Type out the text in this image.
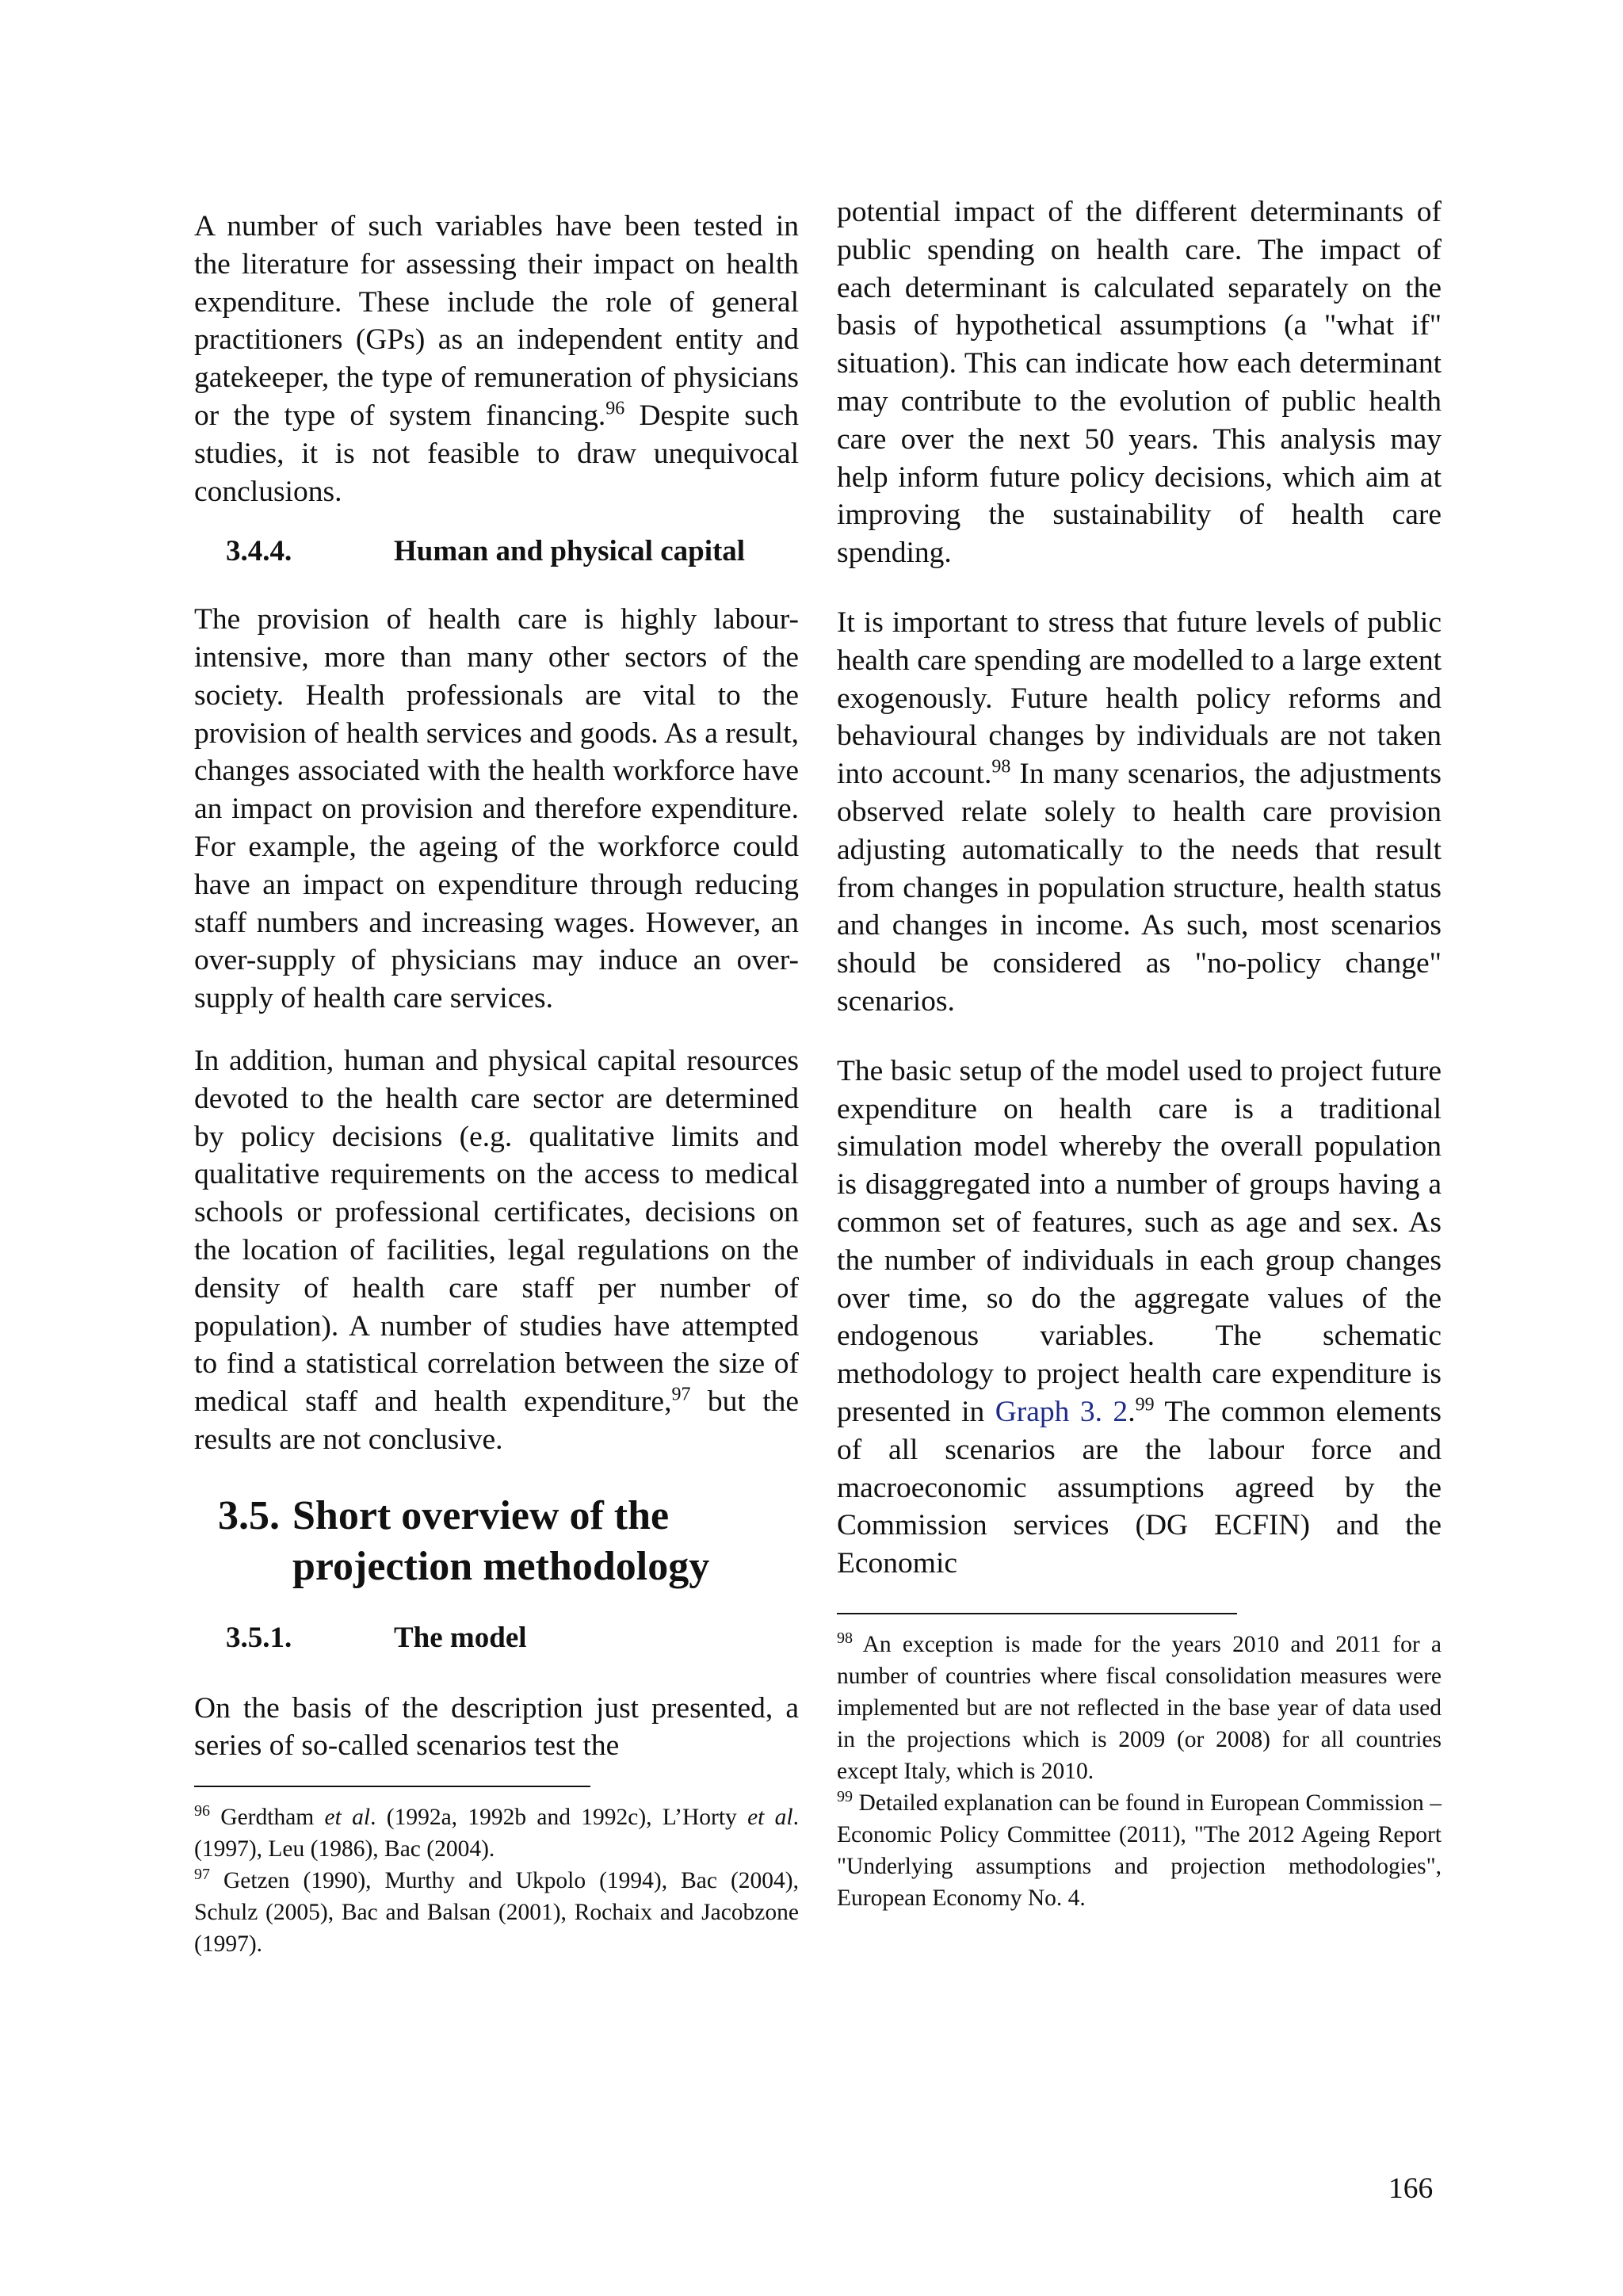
A number of such variables have been tested in the literature for assessing their impact on health expenditure. These include the role of general practitioners (GPs) as an independent entity and gatekeeper, the type of remuneration of physicians or the type of system financing.$^{96}$ Despite such studies, it is not feasible to draw unequivocal conclusions.

3.4.4.	Human and physical capital

The provision of health care is highly labour-intensive, more than many other sectors of the society. Health professionals are vital to the provision of health services and goods. As a result, changes associated with the health workforce have an impact on provision and therefore expenditure. For example, the ageing of the workforce could have an impact on expenditure through reducing staff numbers and increasing wages. However, an over-supply of physicians may induce an over-supply of health care services.

In addition, human and physical capital resources devoted to the health care sector are determined by policy decisions (e.g. qualitative limits and qualitative requirements on the access to medical schools or professional certificates, decisions on the location of facilities, legal regulations on the density of health care staff per number of population). A number of studies have attempted to find a statistical correlation between the size of medical staff and health expenditure,$^{97}$ but the results are not conclusive.

3.5. Short overview of the projection methodology
3.5.1.	The model

On the basis of the description just presented, a series of so-called scenarios test the

$^{96}$ Gerdtham et al. (1992a, 1992b and 1992c), L’Horty et al. (1997), Leu (1986), Bac (2004).

$^{97}$ Getzen (1990), Murthy and Ukpolo (1994), Bac (2004), Schulz (2005), Bac and Balsan (2001), Rochaix and Jacobzone (1997).

potential impact of the different determinants of public spending on health care. The impact of each determinant is calculated separately on the basis of hypothetical assumptions (a "what if" situation). This can indicate how each determinant may contribute to the evolution of public health care over the next 50 years. This analysis may help inform future policy decisions, which aim at improving the sustainability of health care spending.

It is important to stress that future levels of public health care spending are modelled to a large extent exogenously. Future health policy reforms and behavioural changes by individuals are not taken into account.$^{98}$ In many scenarios, the adjustments observed relate solely to health care provision adjusting automatically to the needs that result from changes in population structure, health status and changes in income. As such, most scenarios should be considered as "no-policy change" scenarios.

The basic setup of the model used to project future expenditure on health care is a traditional simulation model whereby the overall population is disaggregated into a number of groups having a common set of features, such as age and sex. As the number of individuals in each group changes over time, so do the aggregate values of the endogenous variables. The schematic methodology to project health care expenditure is presented in Graph 3. 2.99 The common elements of all scenarios are the labour force and macroeconomic assumptions agreed by the Commission services (DG ECFIN) and the Economic

$^{98}$ An exception is made for the years 2010 and 2011 for a number of countries where fiscal consolidation measures were implemented but are not reflected in the base year of data used in the projections which is 2009 (or 2008) for all countries except Italy, which is 2010.

$^{99}$ Detailed explanation can be found in European Commission – Economic Policy Committee (2011), "The 2012 Ageing Report "Underlying assumptions and projection methodologies", European Economy No. 4.

166
